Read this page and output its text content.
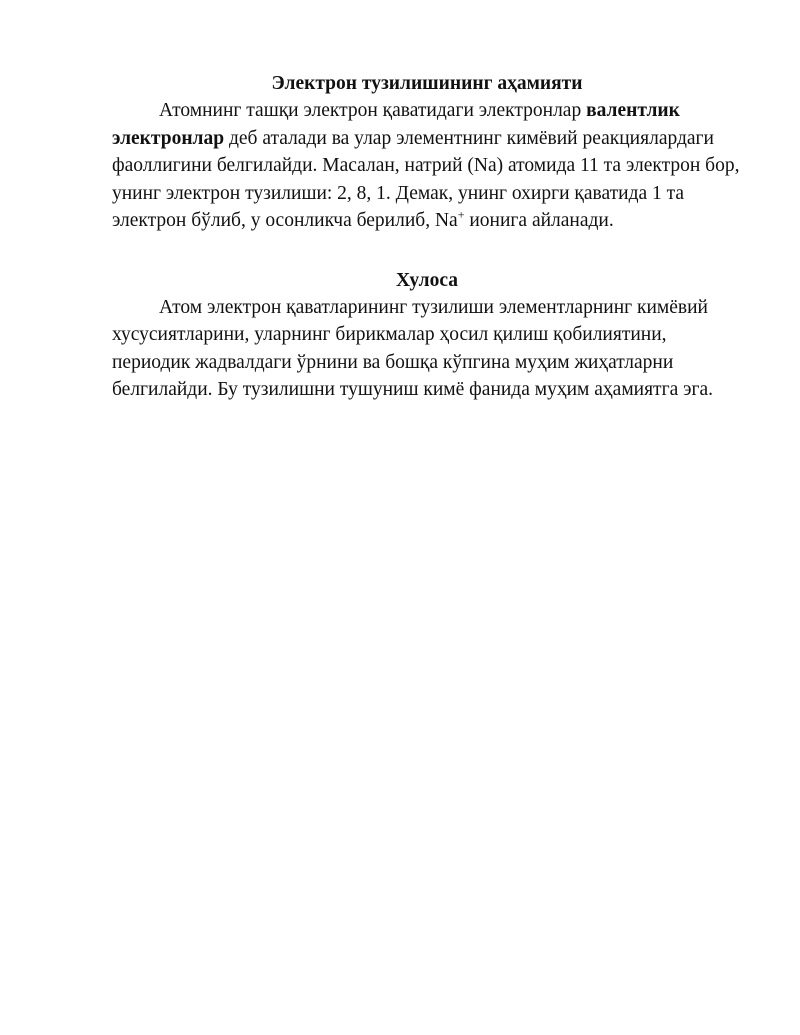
Электрон тузилишининг аҳамияти

Атомнинг ташқи электрон қаватидаги электронлар валентлик электронлар деб аталади ва улар элементнинг кимёвий реакциялардаги фаоллигини белгилайди. Масалан, натрий (Na) атомида 11 та электрон бор, унинг электрон тузилиши: 2, 8, 1. Демак, унинг охирги қаватида 1 та электрон бўлиб, у осонликча берилиб, Na+ ионига айланади.

Хулоса

Атом электрон қаватларининг тузилиши элементларнинг кимёвий хусусиятларини, уларнинг бирикмалар ҳосил қилиш қобилиятини, периодик жадвалдаги ўрнини ва бошқа кўпгина муҳим жиҳатларни белгилайди. Бу тузилишни тушуниш кимё фанида муҳим аҳамиятга эга.
